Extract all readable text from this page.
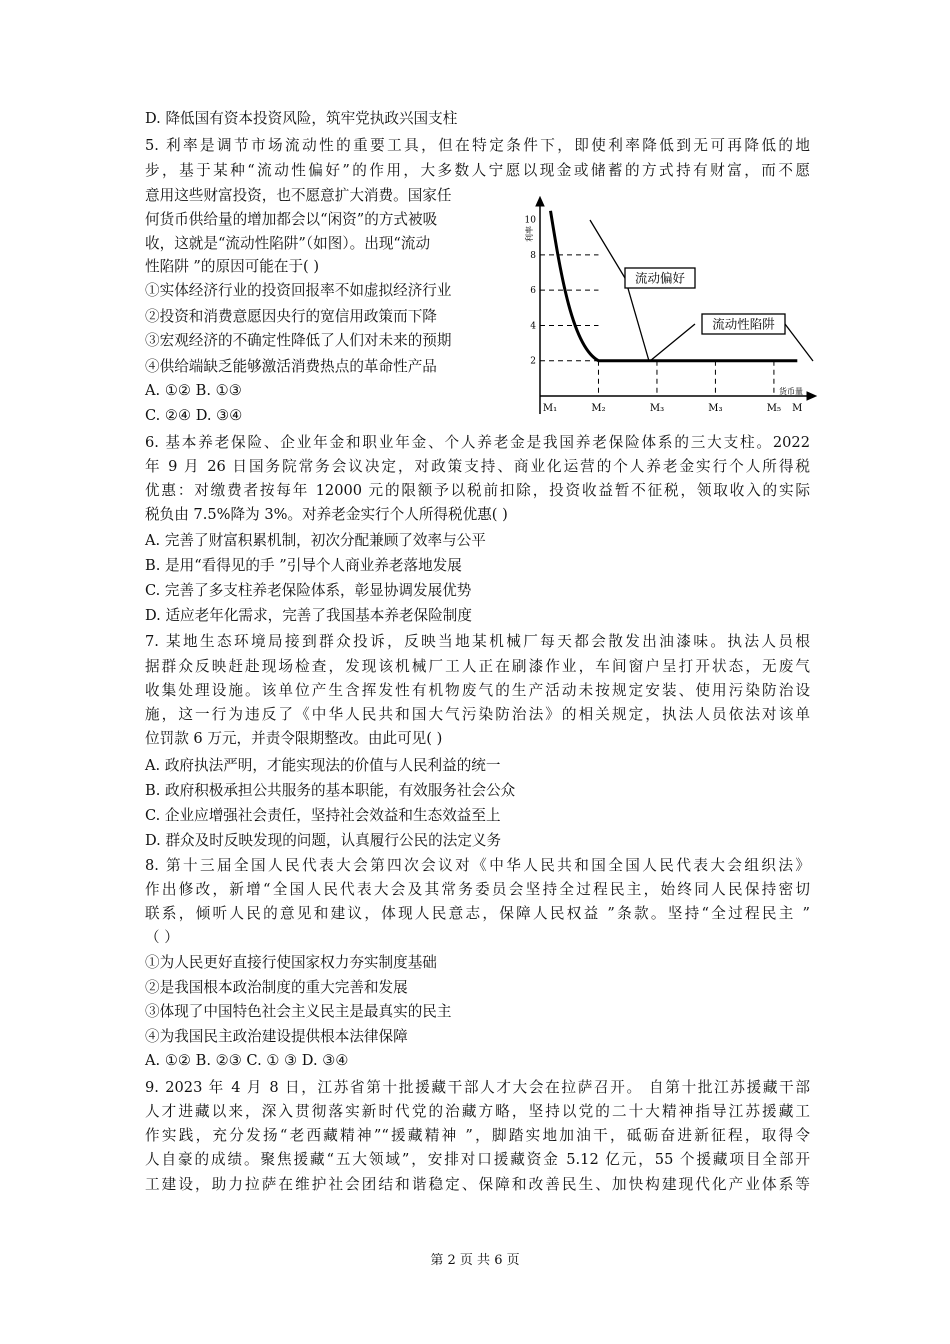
D. 降低国有资本投资风险，筑牢党执政兴国支柱
5. 利率是调节市场流动性的重要工具，但在特定条件下，即使利率降低到无可再降低的地
步，基于某种“流动性偏好”的作用，大多数人宁愿以现金或储蓄的方式持有财富，而不愿
意用这些财富投资，也不愿意扩大消费。国家任
何货币供给量的增加都会以“闲资”的方式被吸
收，这就是“流动性陷阱”（如图）。出现“流动
性陷阱 ”的原因可能在于( )
①实体经济行业的投资回报率不如虚拟经济行业
②投资和消费意愿因央行的宽信用政策而下降
③宏观经济的不确定性降低了人们对未来的预期
④供给端缺乏能够激活消费热点的革命性产品
A. ①② B. ①③
C. ②④ D. ③④
6. 基本养老保险、企业年金和职业年金、个人养老金是我国养老保险体系的三大支柱。2022
年 9 月 26 日国务院常务会议决定，对政策支持、商业化运营的个人养老金实行个人所得税
优惠：对缴费者按每年 12000 元的限额予以税前扣除，投资收益暂不征税，领取收入的实际
税负由 7.5%降为 3%。对养老金实行个人所得税优惠( )
A. 完善了财富积累机制，初次分配兼顾了效率与公平
B. 是用“看得见的手 ”引导个人商业养老落地发展
C. 完善了多支柱养老保险体系，彰显协调发展优势
D. 适应老年化需求，完善了我国基本养老保险制度
7. 某地生态环境局接到群众投诉，反映当地某机械厂每天都会散发出油漆味。执法人员根
据群众反映赶赴现场检查，发现该机械厂工人正在刷漆作业，车间窗户呈打开状态，无废气
收集处理设施。该单位产生含挥发性有机物废气的生产活动未按规定安装、使用污染防治设
施，这一行为违反了《中华人民共和国大气污染防治法》的相关规定，执法人员依法对该单
位罚款 6 万元，并责令限期整改。由此可见( )
A. 政府执法严明，才能实现法的价值与人民利益的统一
B. 政府积极承担公共服务的基本职能，有效服务社会公众
C. 企业应增强社会责任，坚持社会效益和生态效益至上
D. 群众及时反映发现的问题，认真履行公民的法定义务
8. 第十三届全国人民代表大会第四次会议对《中华人民共和国全国人民代表大会组织法》
作出修改，新增“全国人民代表大会及其常务委员会坚持全过程民主，始终同人民保持密切
联系，倾听人民的意见和建议，体现人民意志，保障人民权益 ”条款。坚持“全过程民主 ”
（ ）
①为人民更好直接行使国家权力夯实制度基础
②是我国根本政治制度的重大完善和发展
③体现了中国特色社会主义民主是最真实的民主
④为我国民主政治建设提供根本法律保障
A. ①② B. ②③ C. ① ③ D. ③④
9. 2023 年 4 月 8 日，江苏省第十批援藏干部人才大会在拉萨召开。 自第十批江苏援藏干部
人才进藏以来，深入贯彻落实新时代党的治藏方略，坚持以党的二十大精神指导江苏援藏工
作实践，充分发扬“老西藏精神”“援藏精神 ”，脚踏实地加油干，砥砺奋进新征程，取得令
人自豪的成绩。聚焦援藏“五大领域”，安排对口援藏资金 5.12 亿元，55 个援藏项目全部开
工建设，助力拉萨在维护社会团结和谐稳定、保障和改善民生、加快构建现代化产业体系等
2
4
6
8
10
M₁	M₂	M₃	M₃	M₅ M
流动偏好
流动性陷阱
利率
货币量
第 2 页 共 6 页
